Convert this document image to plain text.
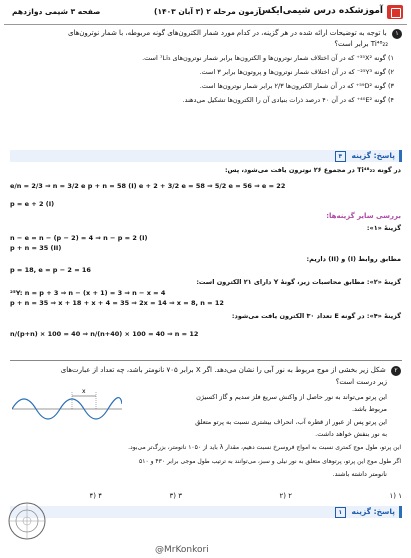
آموزشکده درس شیمی‌ایکس
آزمون مرحله ۲ (۳ آبان ۱۴۰۳)
صفحه ۳ شیمی دوازدهم
۱ با توجه به توضیحات ارائه شده در هر گزینه، در کدام مورد شمار الکترون‌های گونه مربوطه، با شمار نوترون‌های
Ti⁴⁸₂₂ برابر است؟
۱) گونه ³⁵X²⁺ که در آن اختلاف شمار نوترون‌ها و الکترون‌ها برابر شمار نوترون‌های ⁷Li₃ است.
۲) گونه ²⁵Y³⁻ که در آن اختلاف شمار نوترون‌ها و پروتون‌ها برابر ۳ است.
۳) گونه ⁵⁹D²⁺ که در آن شمار الکترون‌ها ۲/۳ برابر شمار نوترون‌ها است.
۴) گونه ⁴⁰E²⁺ که در آن ۴۰ درصد ذرات بنیادی آن را الکترون‌ها تشکیل می‌دهند.
پاسخ: گزینه ۴
در گونه Ti⁴⁸₂₂ در مجموع ۲۶ نوترون یافت می‌شود، پس:
e/n = 2/3 ⇒ n = 3/2 e p + n = 58 (I) e + 2 + 3/2 e = 58 ⇒ 5/2 e = 56 ⇒ e = 22
p = e + 2 (I)
بررسی سایر گزینه‌ها:
گزینهٔ «۱»:
n − e = n − (p − 2) = 4 ⇒ n − p = 2 (I)
p + n = 35 (II)
مطابق روابط (I) و (II) داریم:
p = 18, e = p − 2 = 16
گزینهٔ «۲»: مطابق محاسبات زیر، گونهٔ Y دارای ۲۱ الکترون است:
²⁵Y: n = p + 3 ⇒ n − (x + 1) = 3 ⇒ n − x = 4
p + n = 35 ⇒ x + 18 + x + 4 = 35 ⇒ 2x = 14 ⇒ x = 8, n = 12
گزینهٔ «۴»: در گونه E تعداد ۳۰ الکترون یافت می‌شود:
n/(p+n) × 100 = 40 ⇒ n/(n+40) × 100 = 40 ⇒ n = 12
۲ شکل زیر بخشی از موج مربوط به نور آبی را نشان می‌دهد. اگر X برابر ۷۰۵ نانومتر باشد، چه تعداد از عبارت‌های
زیر درست است؟
این پرتو می‌تواند به نور حاصل از واکنش سریع فلز سدیم و گاز اکسیژن
مربوط باشد.
این پرتو پس از عبور از قطره آب، انحراف بیشتری نسبت به پرتو متعلق
به نور بنفش خواهد داشت.
این پرتو، طول موج کمتری نسبت به امواج فروسرخ نسبت دهیم، مقدار λ باید از ۱۰۵۰ نانومتر، بزرگ‌تر می‌بود.
اگر طول موج این پرتو، پرتوهای متعلق به نور نیلی و سبز، می‌توانند به ترتیب طول موجی برابر ۴۳۰ و ۵۱۰
نانومتر داشته باشند.
x
۱) ۱
۲) ۲
۳) ۳
۴) ۴
پاسخ: گزینه ۱
@MrKonkori
